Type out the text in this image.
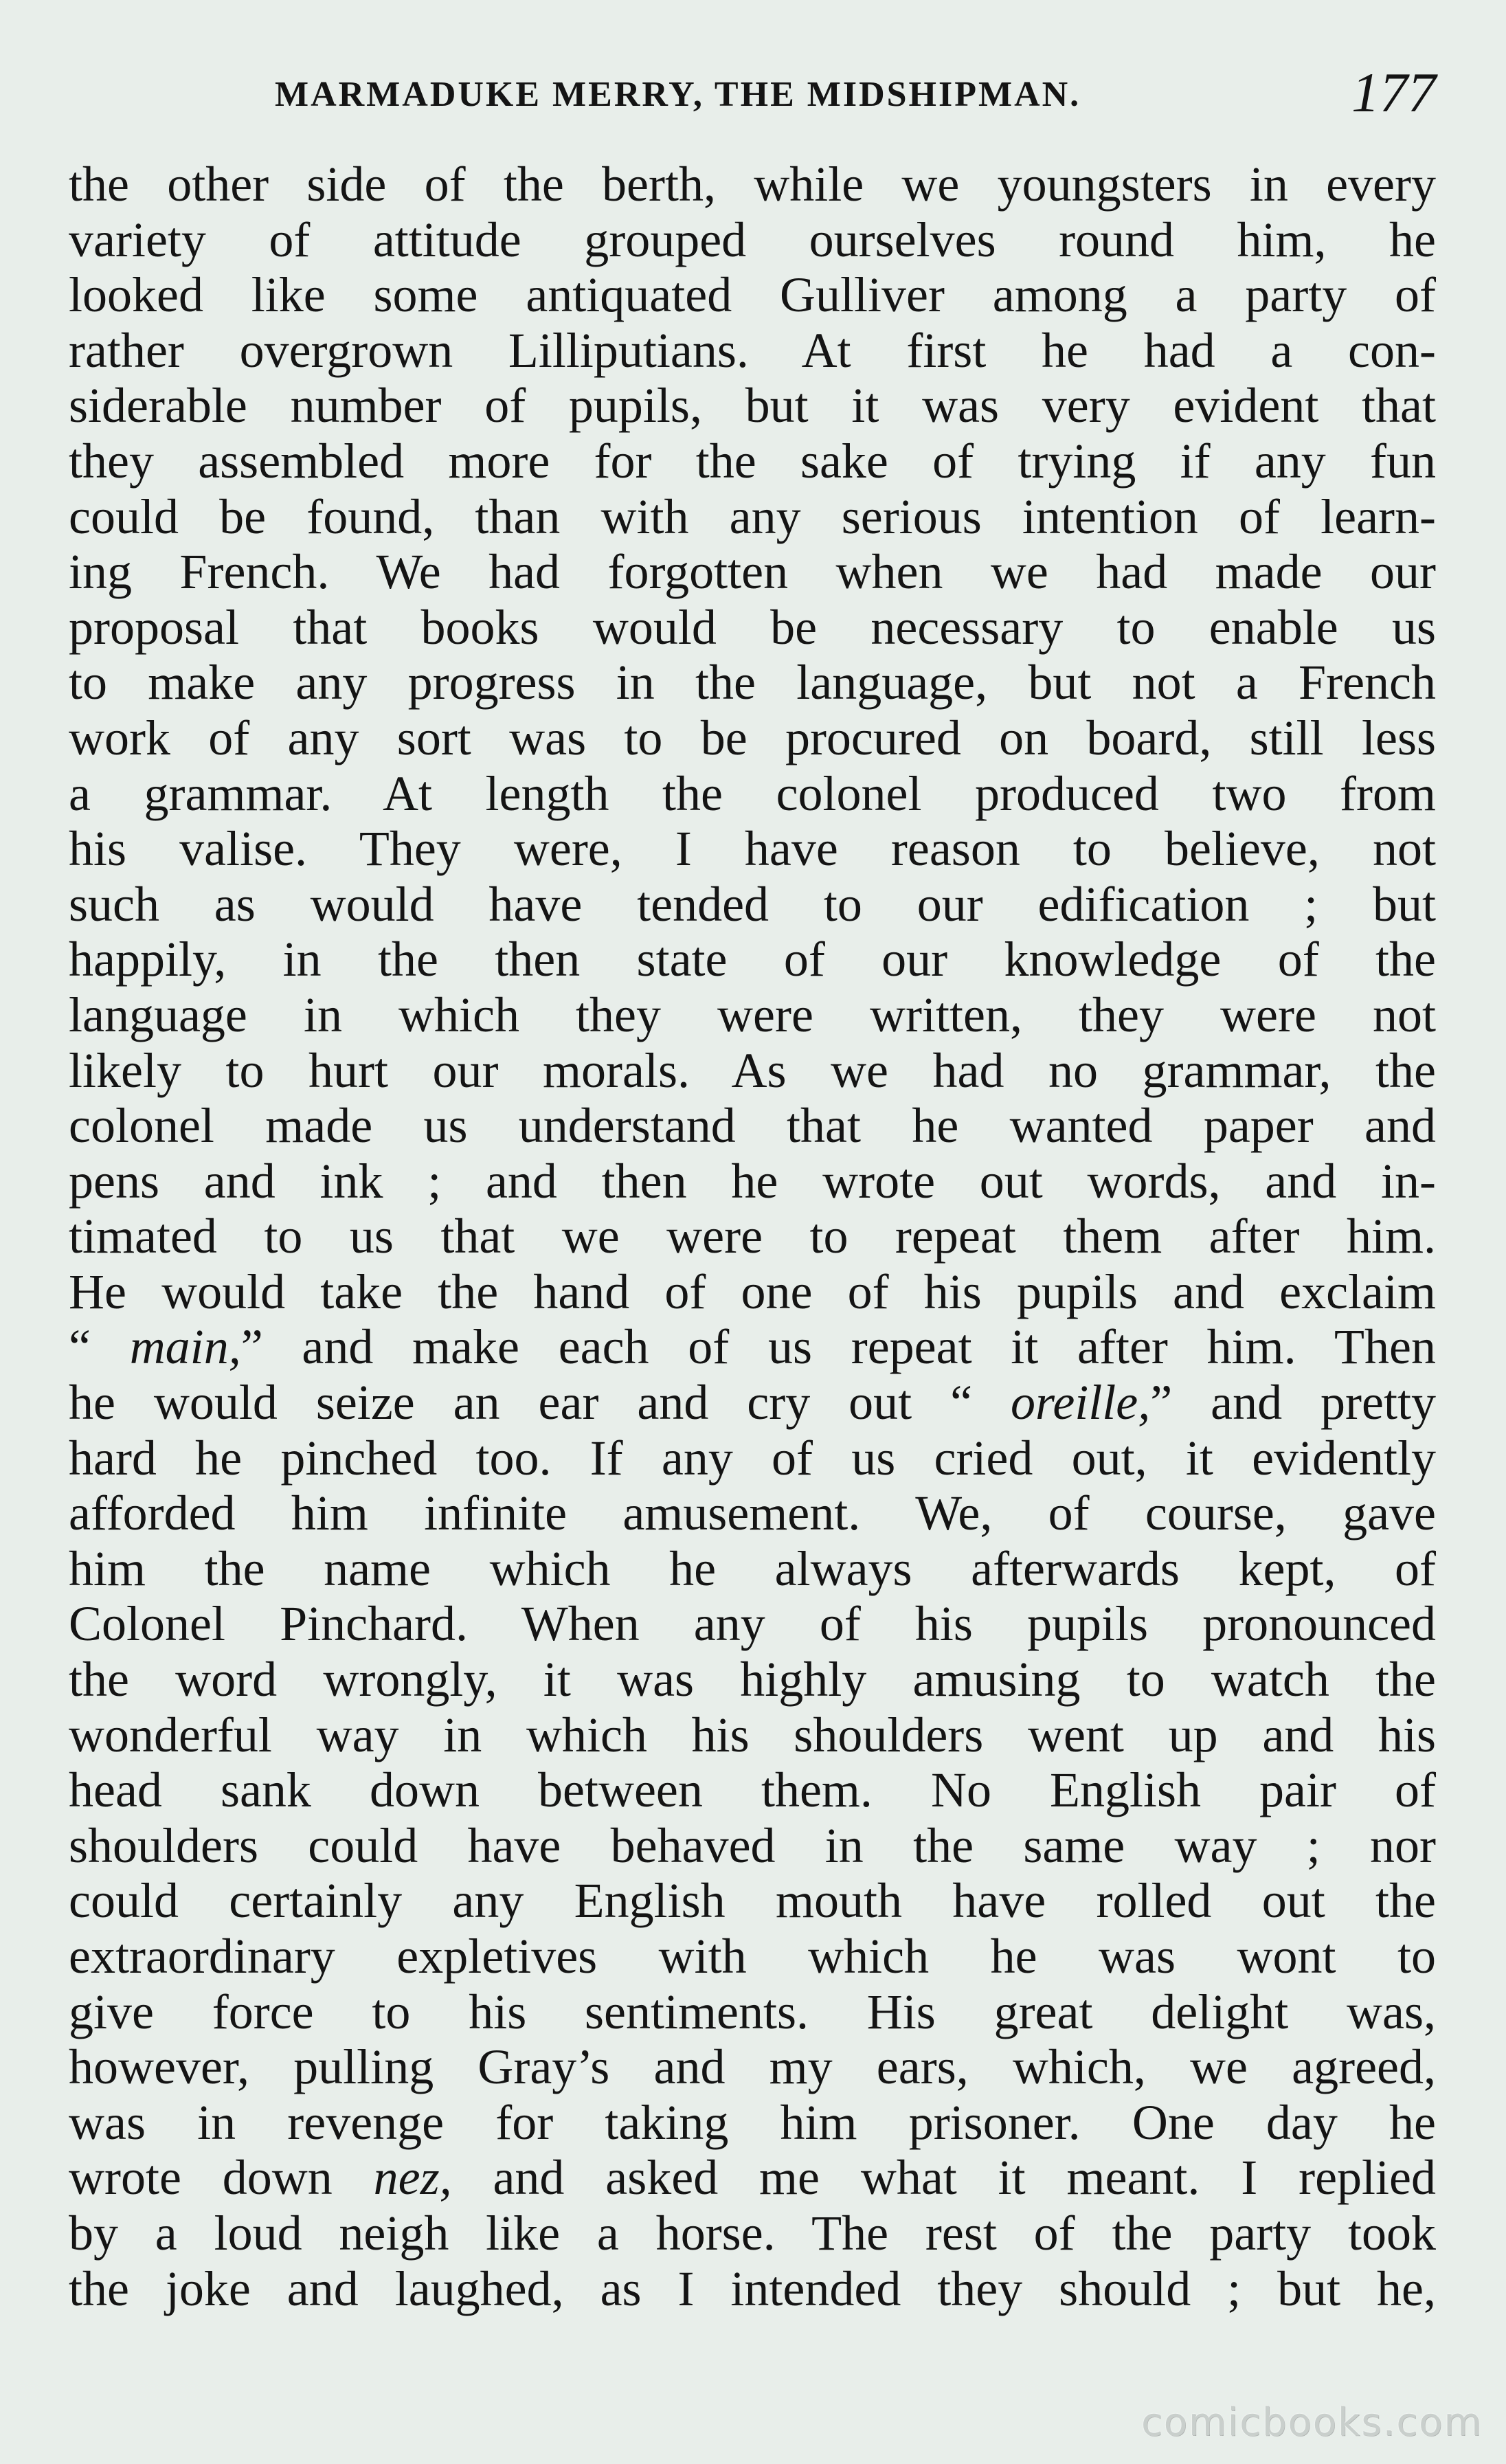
MARMADUKE MERRY, THE MIDSHIPMAN.	177
the other side of the berth, while we youngsters in every
variety of attitude grouped ourselves round him, he
looked like some antiquated Gulliver among a party of
rather overgrown Lilliputians. At first he had a con-
siderable number of pupils, but it was very evident that
they assembled more for the sake of trying if any fun
could be found, than with any serious intention of learn-
ing French. We had forgotten when we had made our
proposal that books would be necessary to enable us
to make any progress in the language, but not a French
work of any sort was to be procured on board, still less
a grammar. At length the colonel produced two from
his valise. They were, I have reason to believe, not
such as would have tended to our edification ; but
happily, in the then state of our knowledge of the
language in which they were written, they were not
likely to hurt our morals. As we had no grammar, the
colonel made us understand that he wanted paper and
pens and ink ; and then he wrote out words, and in-
timated to us that we were to repeat them after him.
He would take the hand of one of his pupils and exclaim
“ main,” and make each of us repeat it after him. Then
he would seize an ear and cry out “ oreille,” and pretty
hard he pinched too. If any of us cried out, it evidently
afforded him infinite amusement. We, of course, gave
him the name which he always afterwards kept, of
Colonel Pinchard. When any of his pupils pronounced
the word wrongly, it was highly amusing to watch the
wonderful way in which his shoulders went up and his
head sank down between them. No English pair of
shoulders could have behaved in the same way ; nor
could certainly any English mouth have rolled out the
extraordinary expletives with which he was wont to
give force to his sentiments. His great delight was,
however, pulling Gray’s and my ears, which, we agreed,
was in revenge for taking him prisoner. One day he
wrote down nez, and asked me what it meant. I replied
by a loud neigh like a horse. The rest of the party took
the joke and laughed, as I intended they should ; but he,
comicbooks.com
